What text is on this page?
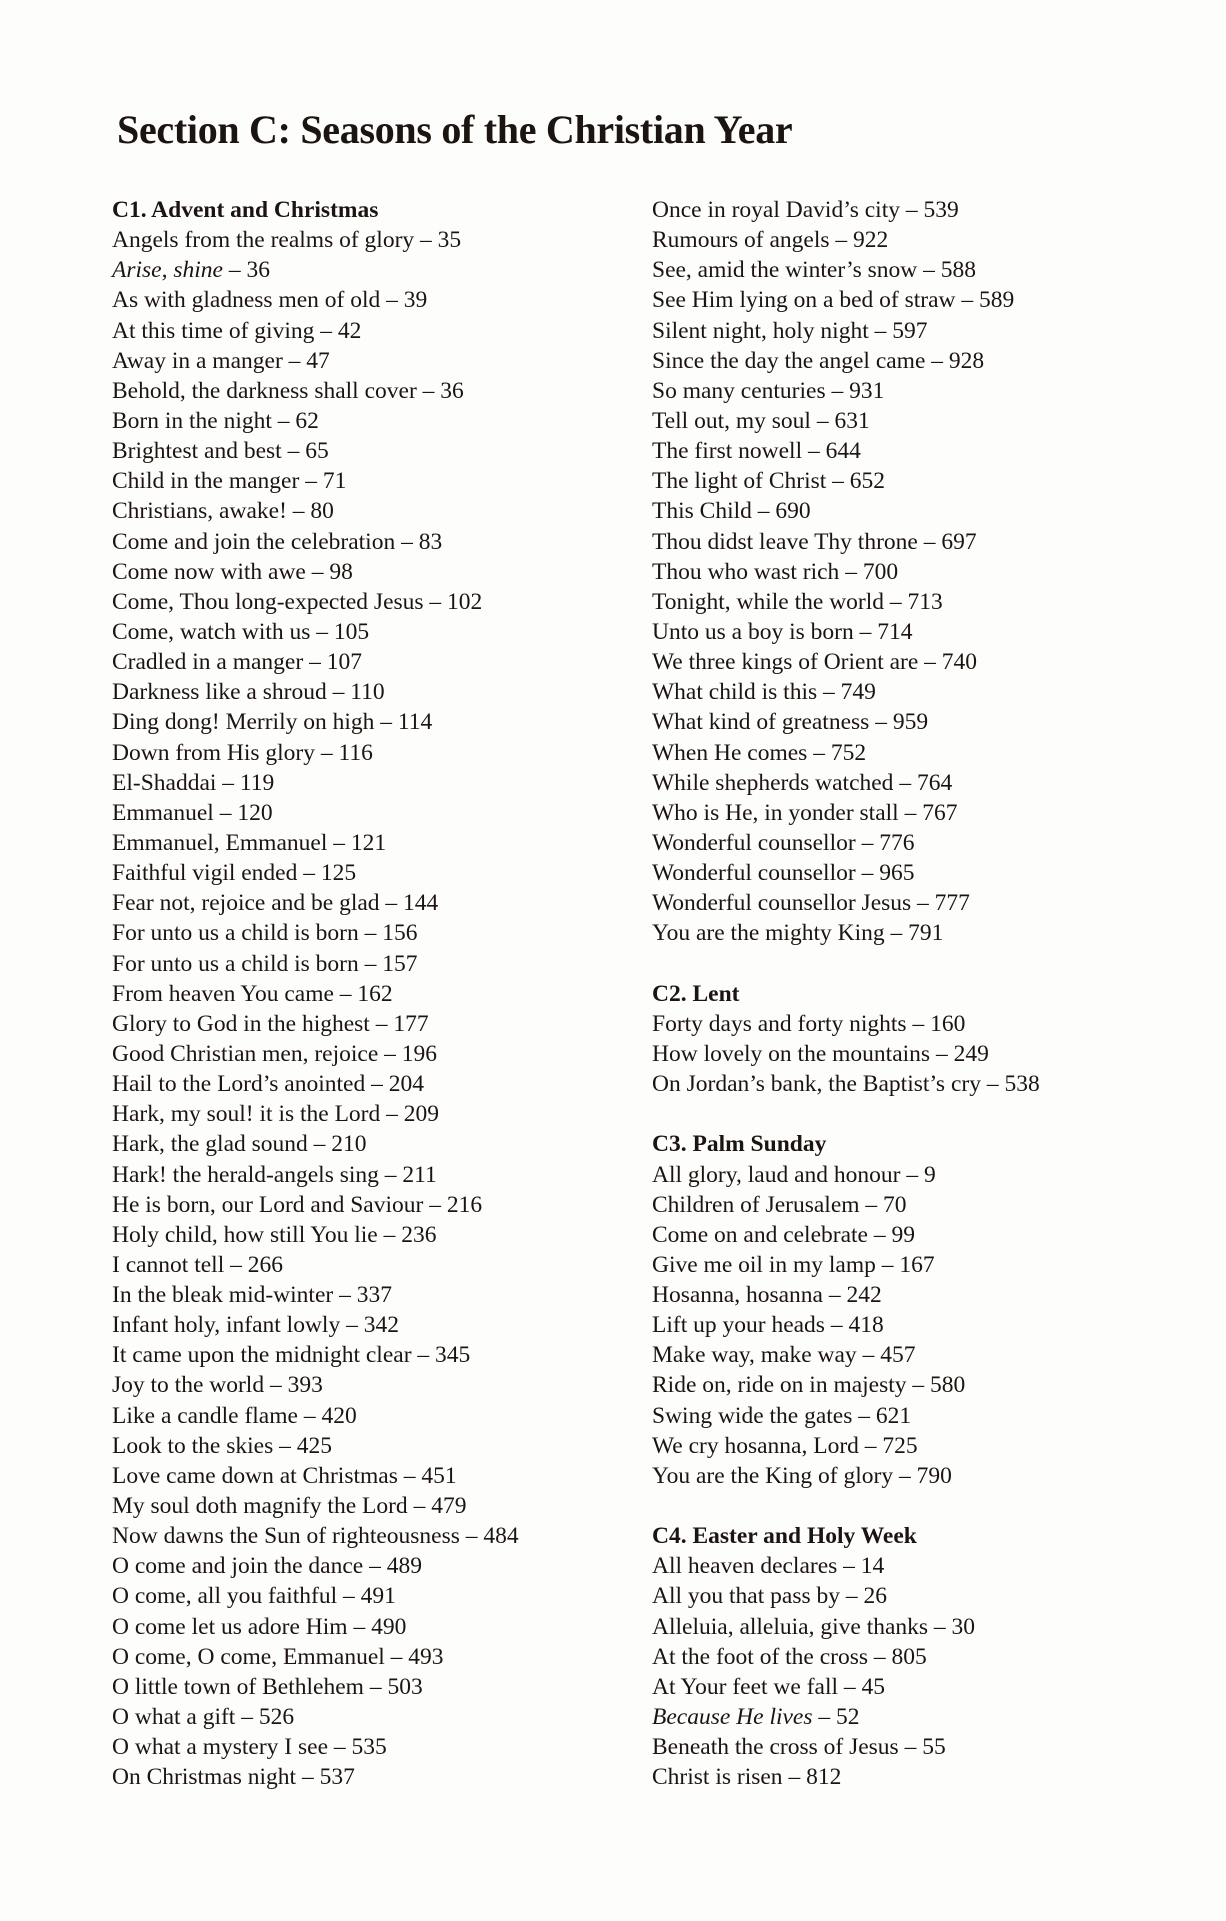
Section C: Seasons of the Christian Year
C1. Advent and Christmas
Angels from the realms of glory – 35
Arise, shine – 36
As with gladness men of old – 39
At this time of giving – 42
Away in a manger – 47
Behold, the darkness shall cover – 36
Born in the night – 62
Brightest and best – 65
Child in the manger – 71
Christians, awake! – 80
Come and join the celebration – 83
Come now with awe – 98
Come, Thou long-expected Jesus – 102
Come, watch with us – 105
Cradled in a manger – 107
Darkness like a shroud – 110
Ding dong! Merrily on high – 114
Down from His glory – 116
El-Shaddai – 119
Emmanuel – 120
Emmanuel, Emmanuel – 121
Faithful vigil ended – 125
Fear not, rejoice and be glad – 144
For unto us a child is born – 156
For unto us a child is born – 157
From heaven You came – 162
Glory to God in the highest – 177
Good Christian men, rejoice – 196
Hail to the Lord’s anointed – 204
Hark, my soul! it is the Lord – 209
Hark, the glad sound – 210
Hark! the herald-angels sing – 211
He is born, our Lord and Saviour – 216
Holy child, how still You lie – 236
I cannot tell – 266
In the bleak mid-winter – 337
Infant holy, infant lowly – 342
It came upon the midnight clear – 345
Joy to the world – 393
Like a candle flame – 420
Look to the skies – 425
Love came down at Christmas – 451
My soul doth magnify the Lord – 479
Now dawns the Sun of righteousness – 484
O come and join the dance – 489
O come, all you faithful – 491
O come let us adore Him – 490
O come, O come, Emmanuel – 493
O little town of Bethlehem – 503
O what a gift – 526
O what a mystery I see – 535
On Christmas night – 537
Once in royal David’s city – 539
Rumours of angels – 922
See, amid the winter’s snow – 588
See Him lying on a bed of straw – 589
Silent night, holy night – 597
Since the day the angel came – 928
So many centuries – 931
Tell out, my soul – 631
The first nowell – 644
The light of Christ – 652
This Child – 690
Thou didst leave Thy throne – 697
Thou who wast rich – 700
Tonight, while the world – 713
Unto us a boy is born – 714
We three kings of Orient are – 740
What child is this – 749
What kind of greatness – 959
When He comes – 752
While shepherds watched – 764
Who is He, in yonder stall – 767
Wonderful counsellor – 776
Wonderful counsellor – 965
Wonderful counsellor Jesus – 777
You are the mighty King – 791
C2. Lent
Forty days and forty nights – 160
How lovely on the mountains – 249
On Jordan’s bank, the Baptist’s cry – 538
C3. Palm Sunday
All glory, laud and honour – 9
Children of Jerusalem – 70
Come on and celebrate – 99
Give me oil in my lamp – 167
Hosanna, hosanna – 242
Lift up your heads – 418
Make way, make way – 457
Ride on, ride on in majesty – 580
Swing wide the gates – 621
We cry hosanna, Lord – 725
You are the King of glory – 790
C4. Easter and Holy Week
All heaven declares – 14
All you that pass by – 26
Alleluia, alleluia, give thanks – 30
At the foot of the cross – 805
At Your feet we fall – 45
Because He lives – 52
Beneath the cross of Jesus – 55
Christ is risen – 812
